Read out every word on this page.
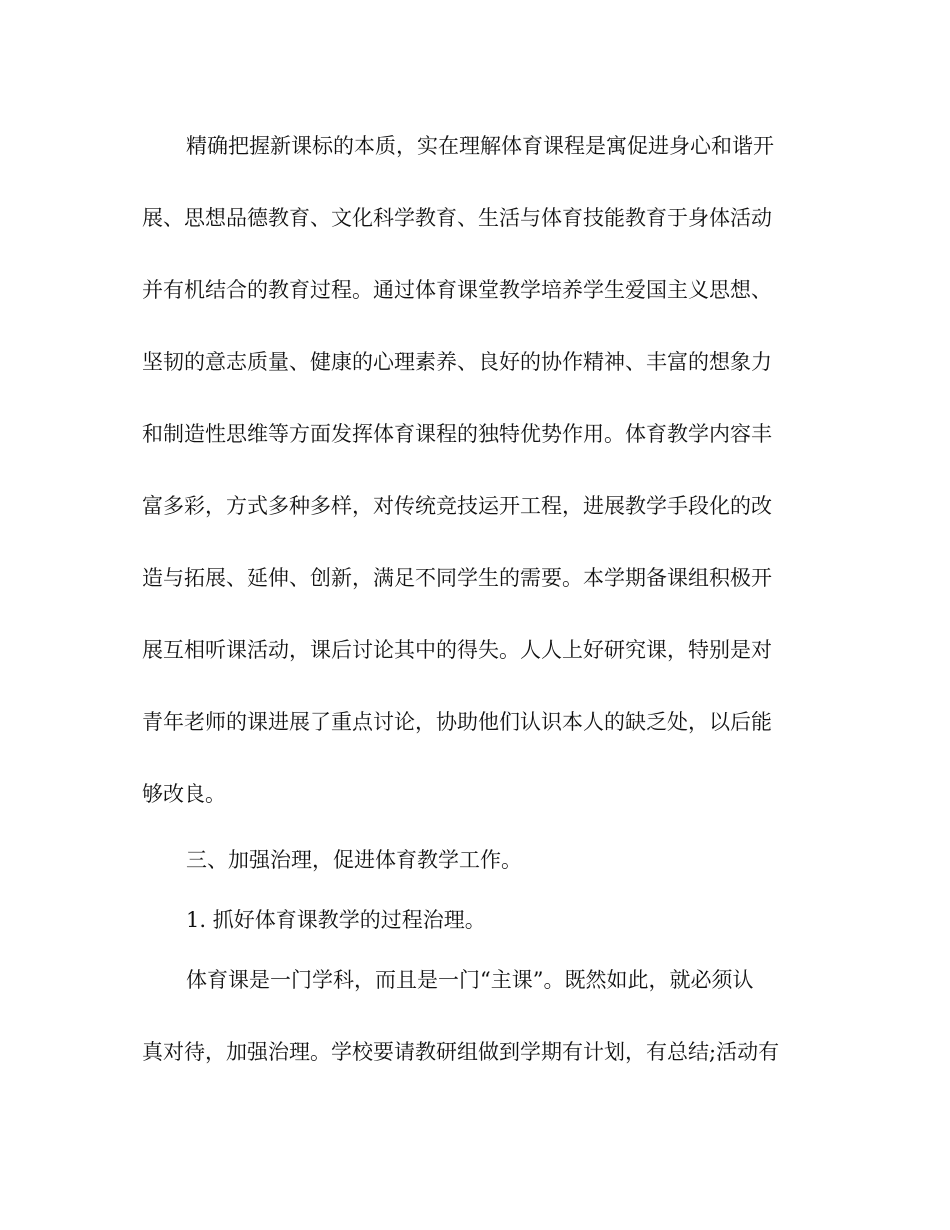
精确把握新课标的本质，实在理解体育课程是寓促进身心和谐开
展、思想品德教育、文化科学教育、生活与体育技能教育于身体活动
并有机结合的教育过程。通过体育课堂教学培养学生爱国主义思想、
坚韧的意志质量、健康的心理素养、良好的协作精神、丰富的想象力
和制造性思维等方面发挥体育课程的独特优势作用。体育教学内容丰
富多彩，方式多种多样，对传统竞技运开工程，进展教学手段化的改
造与拓展、延伸、创新，满足不同学生的需要。本学期备课组积极开
展互相听课活动，课后讨论其中的得失。人人上好研究课，特别是对
青年老师的课进展了重点讨论，协助他们认识本人的缺乏处，以后能
够改良。
三、加强治理，促进体育教学工作。
1. 抓好体育课教学的过程治理。
体育课是一门学科，而且是一门“主课”。既然如此，就必须认
真对待，加强治理。学校要请教研组做到学期有计划，有总结;活动有
